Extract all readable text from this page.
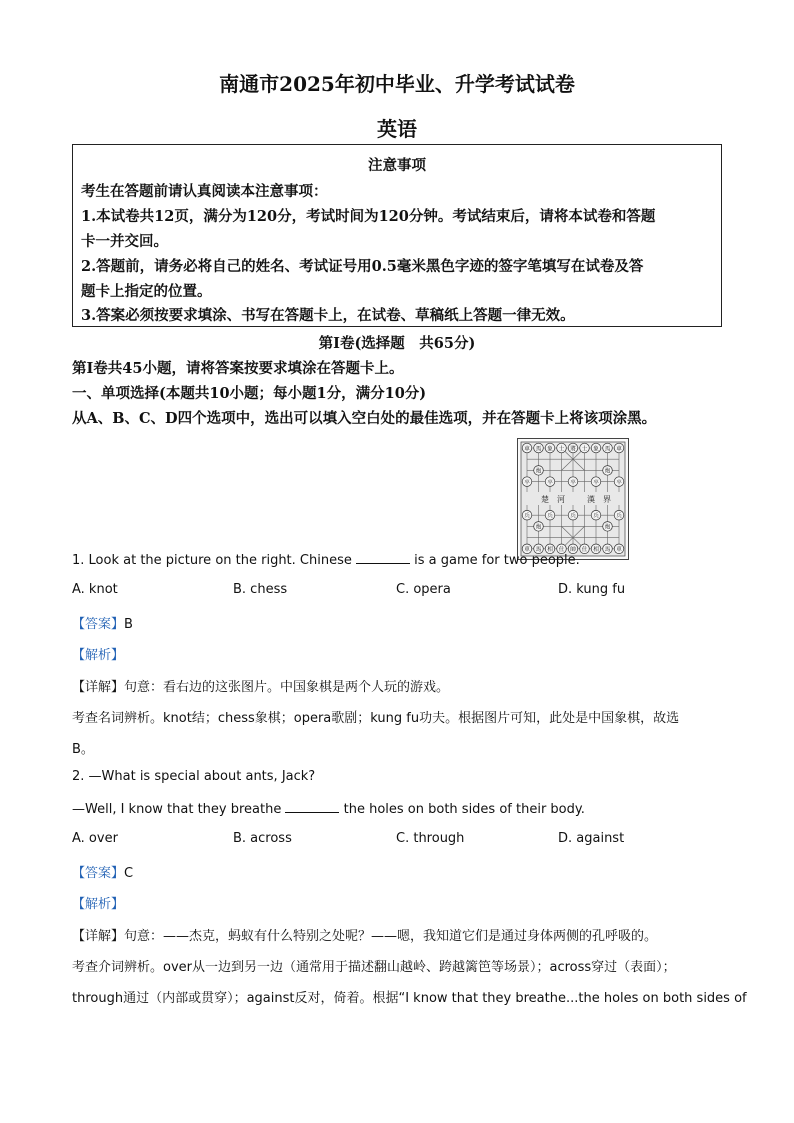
南通市2025年初中毕业、升学考试试卷
英语
注意事项
考生在答题前请认真阅读本注意事项：
1.本试卷共12页，满分为120分，考试时间为120分钟。考试结束后，请将本试卷和答题
卡一并交回。
2.答题前，请务必将自己的姓名、考试证号用0.5毫米黑色字迹的签字笔填写在试卷及答
题卡上指定的位置。
3.答案必须按要求填涂、书写在答题卡上，在试卷、草稿纸上答题一律无效。
第Ⅰ卷(选择题　共65分)
第Ⅰ卷共45小题，请将答案按要求填涂在答题卡上。
一、单项选择(本题共10小题；每小题1分，满分10分)
从A、B、C、D四个选项中，选出可以填入空白处的最佳选项，并在答题卡上将该项涂黑。
楚　河	漢　界
車 馬 象 士 將 士 象 馬 車
車 馬 相 仕 帥 仕 相 馬 車
炮
炮
炮
炮
卒
兵
卒
兵
卒
兵
卒
兵
卒
兵
1. Look at the picture on the right. Chinese	is a game for two people.
A. knot	B. chess	C. opera	D. kung fu
【答案】B
【解析】
【详解】句意：看右边的这张图片。中国象棋是两个人玩的游戏。
考查名词辨析。knot结；chess象棋；opera歌剧；kung fu功夫。根据图片可知，此处是中国象棋，故选
B。
2. —What is special about ants, Jack?
—Well, I know that they breathe	the holes on both sides of their body.
A. over	B. across	C. through	D. against
【答案】C
【解析】
【详解】句意：——杰克，蚂蚁有什么特别之处呢？——嗯，我知道它们是通过身体两侧的孔呼吸的。
考查介词辨析。over从一边到另一边（通常用于描述翻山越岭、跨越篱笆等场景）；across穿过（表面）；
through通过（内部或贯穿）；against反对，倚着。根据“I know that they breathe...the holes on both sides of
